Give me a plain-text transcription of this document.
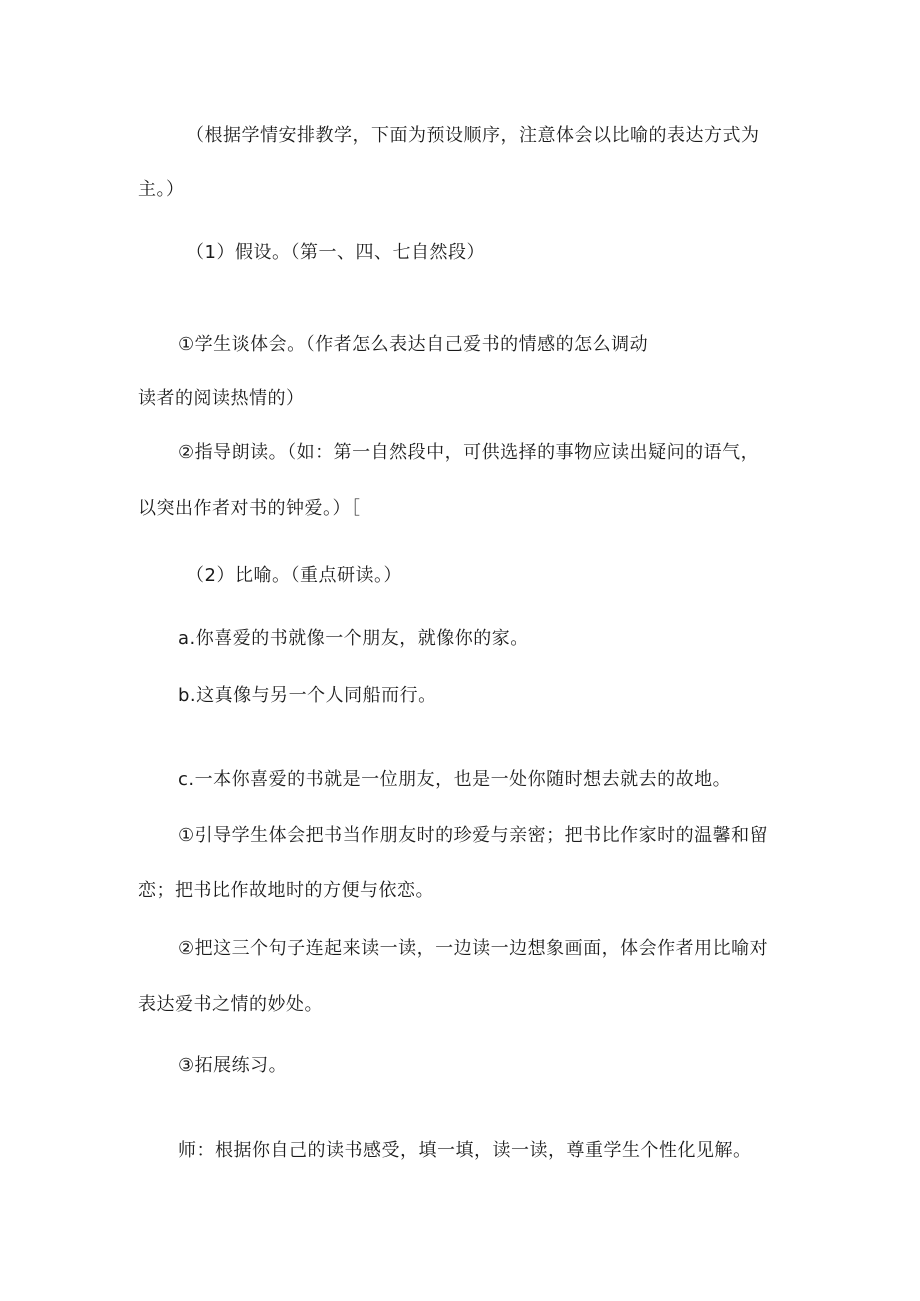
（根据学情安排教学，下面为预设顺序，注意体会以比喻的表达方式为
主。）
（1）假设。（第一、四、七自然段）
①学生谈体会。（作者怎么表达自己爱书的情感的怎么调动
读者的阅读热情的）
②指导朗读。（如：第一自然段中，可供选择的事物应读出疑问的语气，
以突出作者对书的钟爱。）［
（2）比喻。（重点研读。）
a.你喜爱的书就像一个朋友，就像你的家。
b.这真像与另一个人同船而行。
c.一本你喜爱的书就是一位朋友，也是一处你随时想去就去的故地。
①引导学生体会把书当作朋友时的珍爱与亲密；把书比作家时的温馨和留
恋；把书比作故地时的方便与依恋。
②把这三个句子连起来读一读，一边读一边想象画面，体会作者用比喻对
表达爱书之情的妙处。
③拓展练习。
师：根据你自己的读书感受，填一填，读一读，尊重学生个性化见解。
